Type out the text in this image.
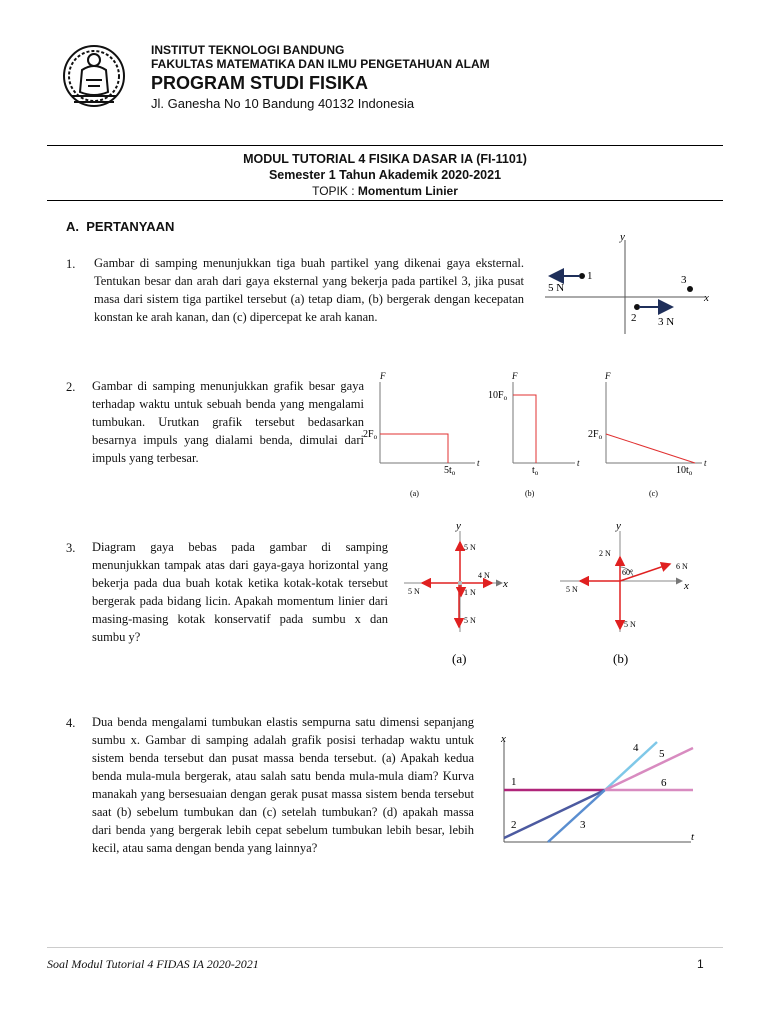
INSTITUT TEKNOLOGI BANDUNG
FAKULTAS MATEMATIKA DAN ILMU PENGETAHUAN ALAM
PROGRAM STUDI FISIKA
Jl. Ganesha No 10 Bandung 40132 Indonesia
MODUL TUTORIAL 4 FISIKA DASAR IA (FI-1101)
Semester 1 Tahun Akademik 2020-2021
TOPIK : Momentum Linier
A. PERTANYAAN
1. Gambar di samping menunjukkan tiga buah partikel yang dikenai gaya eksternal. Tentukan besar dan arah dari gaya eksternal yang bekerja pada partikel 3, jika pusat masa dari sistem tiga partikel tersebut (a) tetap diam, (b) bergerak dengan kecepatan konstan ke arah kanan, dan (c) dipercepat ke arah kanan.
2. Gambar di samping menunjukkan grafik besar gaya terhadap waktu untuk sebuah benda yang mengalami tumbukan. Urutkan grafik tersebut bedasarkan besarnya impuls yang dialami benda, dimulai dari impuls yang terbesar.
3. Diagram gaya bebas pada gambar di samping menunjukkan tampak atas dari gaya-gaya horizontal yang bekerja pada dua buah kotak ketika kotak-kotak tersebut bergerak pada bidang licin. Apakah momentum linier dari masing-masing kotak konservatif pada sumbu x dan sumbu y?
4. Dua benda mengalami tumbukan elastis sempurna satu dimensi sepanjang sumbu x. Gambar di samping adalah grafik posisi terhadap waktu untuk sistem benda tersebut dan pusat massa benda tersebut. (a) Apakah kedua benda mula-mula bergerak, atau salah satu benda mula-mula diam? Kurva manakah yang bersesuaian dengan gerak pusat massa sistem benda tersebut saat (b) sebelum tumbukan dan (c) setelah tumbukan? (d) apakah massa dari benda yang bergerak lebih cepat sebelum tumbukan lebih besar, lebih kecil, atau sama dengan benda yang lainnya?
y
x
1
5 N
2 3 N
3
F
t
$2F_o$
$5t_o$
(a)
F
t
$10F_o$
$t_o$
(b)
F
t
$2F_o$
$10t_o$
(c)
y
x
5 N
4 N
5 N	1 N
5 N
(a)
y
x
2 N
6 N
60°
5 N
5 N
(b)
x
t
1
2	3
4 5
6
Soal Modul Tutorial 4 FIDAS IA 2020-2021	1
